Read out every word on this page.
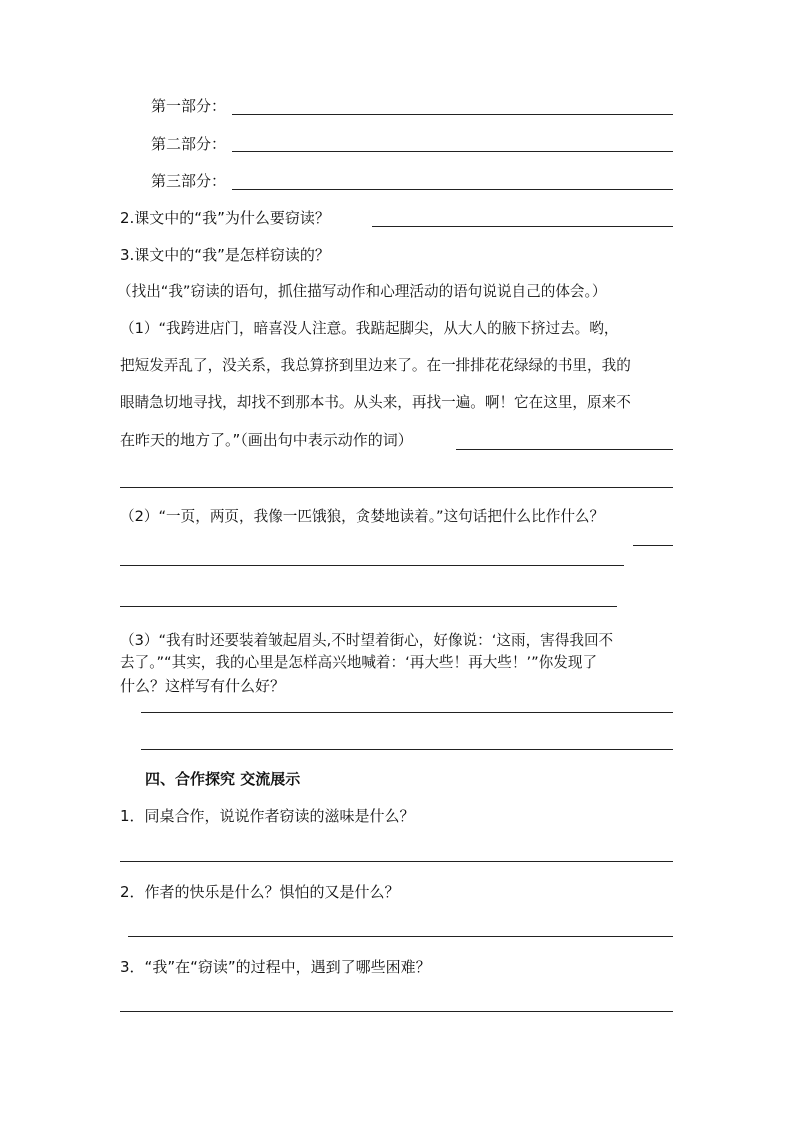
第一部分：
第二部分：
第三部分：
2.课文中的“我”为什么要窃读？
3.课文中的“我”是怎样窃读的？
（找出“我”窃读的语句，抓住描写动作和心理活动的语句说说自己的体会。）
（1）“我跨进店门，暗喜没人注意。我踮起脚尖，从大人的腋下挤过去。哟，
把短发弄乱了，没关系，我总算挤到里边来了。在一排排花花绿绿的书里，我的
眼睛急切地寻找，却找不到那本书。从头来，再找一遍。啊！它在这里，原来不
在昨天的地方了。”（画出句中表示动作的词）
（2）“一页，两页，我像一匹饿狼，贪婪地读着。”这句话把什么比作什么？
（3）“我有时还要装着皱起眉头,不时望着街心，好像说：‘这雨，害得我回不
去了。”“其实，我的心里是怎样高兴地喊着：‘再大些！再大些！’”你发现了
什么？这样写有什么好？
四、合作探究 交流展示
1．同桌合作，说说作者窃读的滋味是什么？
2．作者的快乐是什么？惧怕的又是什么？
3．“我”在“窃读”的过程中，遇到了哪些困难？
